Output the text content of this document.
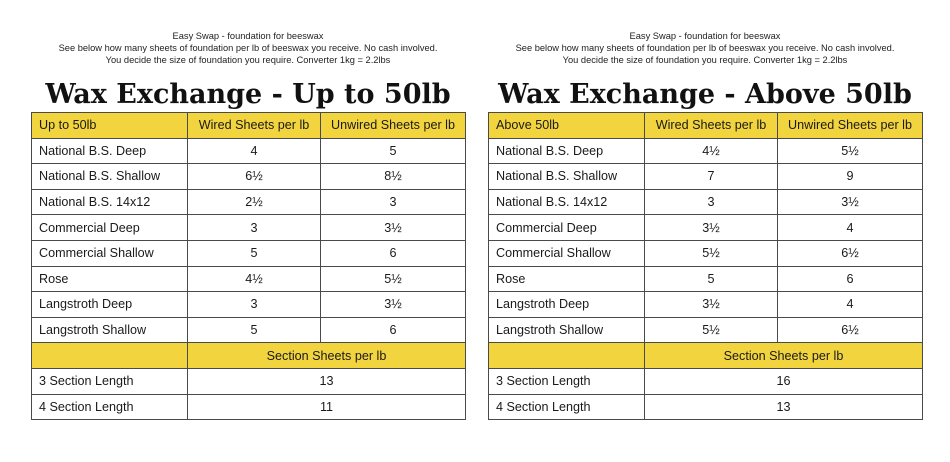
Easy Swap - foundation for beeswax
See below how many sheets of foundation per lb of beeswax you receive. No cash involved.
You decide the size of foundation you require. Converter 1kg = 2.2lbs
Wax Exchange - Up to 50lb
Up to 50lb	Wired Sheets per lb	Unwired Sheets per lb
National B.S. Deep	4	5
National B.S. Shallow	6½	8½
National B.S. 14x12	2½	3
Commercial Deep	3	3½
Commercial Shallow	5	6
Rose	4½	5½
Langstroth Deep	3	3½
Langstroth Shallow	5	6
	Section Sheets per lb	
3 Section Length	13	
4 Section Length	11	
Easy Swap - foundation for beeswax
See below how many sheets of foundation per lb of beeswax you receive. No cash involved.
You decide the size of foundation you require. Converter 1kg = 2.2lbs
Wax Exchange - Above 50lb
Above 50lb	Wired Sheets per lb	Unwired Sheets per lb
National B.S. Deep	4½	5½
National B.S. Shallow	7	9
National B.S. 14x12	3	3½
Commercial Deep	3½	4
Commercial Shallow	5½	6½
Rose	5	6
Langstroth Deep	3½	4
Langstroth Shallow	5½	6½
	Section Sheets per lb	
3 Section Length	16	
4 Section Length	13	
